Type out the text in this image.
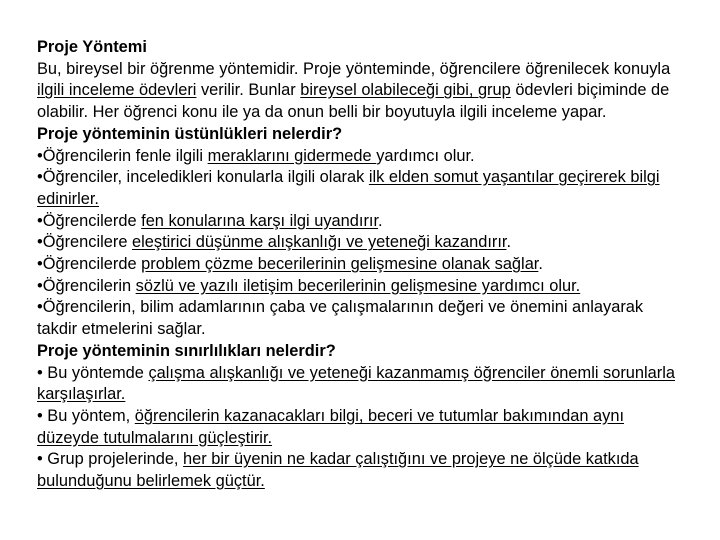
Proje Yöntemi

Bu, bireysel bir öğrenme yöntemidir. Proje yönteminde, öğrencilere öğrenilecek konuyla ilgili inceleme ödevleri verilir. Bunlar bireysel olabileceği gibi, grup ödevleri biçiminde de olabilir. Her öğrenci konu ile ya da onun belli bir boyutuyla ilgili inceleme yapar.

Proje yönteminin üstünlükleri nelerdir?

•Öğrencilerin fenle ilgili meraklarını gidermede yardımcı olur.

•Öğrenciler, inceledikleri konularla ilgili olarak ilk elden somut yaşantılar geçirerek bilgi edinirler.

•Öğrencilerde fen konularına karşı ilgi uyandırır.

•Öğrencilere eleştirici düşünme alışkanlığı ve yeteneği kazandırır.

•Öğrencilerde problem çözme becerilerinin gelişmesine olanak sağlar.

•Öğrencilerin sözlü ve yazılı iletişim becerilerinin gelişmesine yardımcı olur.

•Öğrencilerin, bilim adamlarının çaba ve çalışmalarının değeri ve önemini anlayarak takdir etmelerini sağlar.

Proje yönteminin sınırlılıkları nelerdir?

• Bu yöntemde çalışma alışkanlığı ve yeteneği kazanmamış öğrenciler önemli sorunlarla karşılaşırlar.

• Bu yöntem, öğrencilerin kazanacakları bilgi, beceri ve tutumlar bakımından aynı düzeyde tutulmalarını güçleştirir.

• Grup projelerinde, her bir üyenin ne kadar çalıştığını ve projeye ne ölçüde katkıda bulunduğunu belirlemek güçtür.
